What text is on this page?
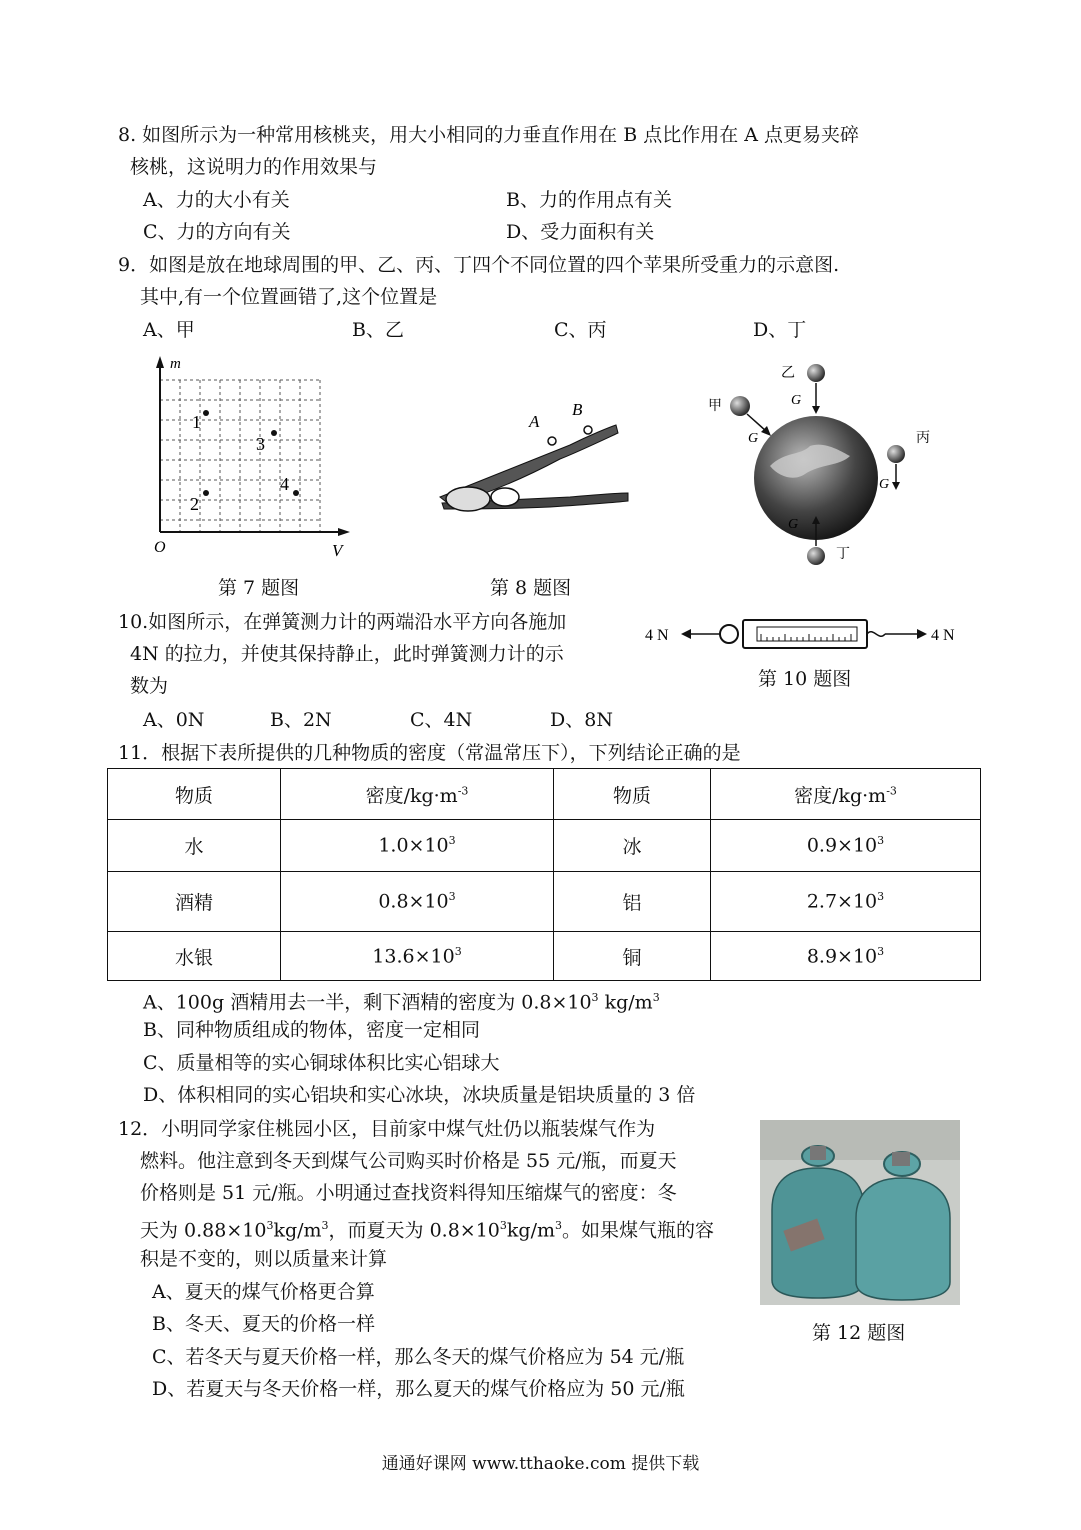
8. 如图所示为一种常用核桃夹，用大小相同的力垂直作用在 B 点比作用在 A 点更易夹碎
核桃，这说明力的作用效果与
A、力的大小有关	B、力的作用点有关
C、力的方向有关	D、受力面积有关
9．如图是放在地球周围的甲、乙、丙、丁四个不同位置的四个苹果所受重力的示意图.
其中,有一个位置画错了,这个位置是
A、甲	B、乙	C、丙	D、丁
m
V
O
1
2
3
4
第 7 题图
A
B
第 8 题图
乙
G
甲
G	丙
G
丁
G
10.如图所示，在弹簧测力计的两端沿水平方向各施加
4N 的拉力，并使其保持静止，此时弹簧测力计的示
数为
A、0N	B、2N	C、4N	D、8N
4 N	4 N
第 10 题图
11．根据下表所提供的几种物质的密度（常温常压下），下列结论正确的是
物质	密度$/kg\cdot m^{-3}$	物质	密度$/kg\cdot m^{-3}$
水	$1.0\times 10^3$	冰	$0.9\times 10^3$
酒精	$0.8\times 10^3$	铝	$2.7\times 10^3$
水银	$13.6\times 10^3$	铜	$8.9\times 10^3$
A、100g 酒精用去一半，剩下酒精的密度为 $0.8\times 10^3$ $kg/m^3$
B、同种物质组成的物体，密度一定相同
C、质量相等的实心铜球体积比实心铝球大
D、体积相同的实心铝块和实心冰块，冰块质量是铝块质量的 3 倍
12．小明同学家住桃园小区，目前家中煤气灶仍以瓶装煤气作为
燃料。他注意到冬天到煤气公司购买时价格是 55 元/瓶，而夏天
价格则是 51 元/瓶。小明通过查找资料得知压缩煤气的密度：冬
天为 $0.88\times 10^3kg/m^3$，而夏天为 $0.8\times 10^3kg/m^3$。如果煤气瓶的容
积是不变的，则以质量来计算
A、夏天的煤气价格更合算
B、冬天、夏天的价格一样
C、若冬天与夏天价格一样，那么冬天的煤气价格应为 54 元/瓶
D、若夏天与冬天价格一样，那么夏天的煤气价格应为 50 元/瓶
第 12 题图
通通好课网 www.tthaoke.com 提供下载
